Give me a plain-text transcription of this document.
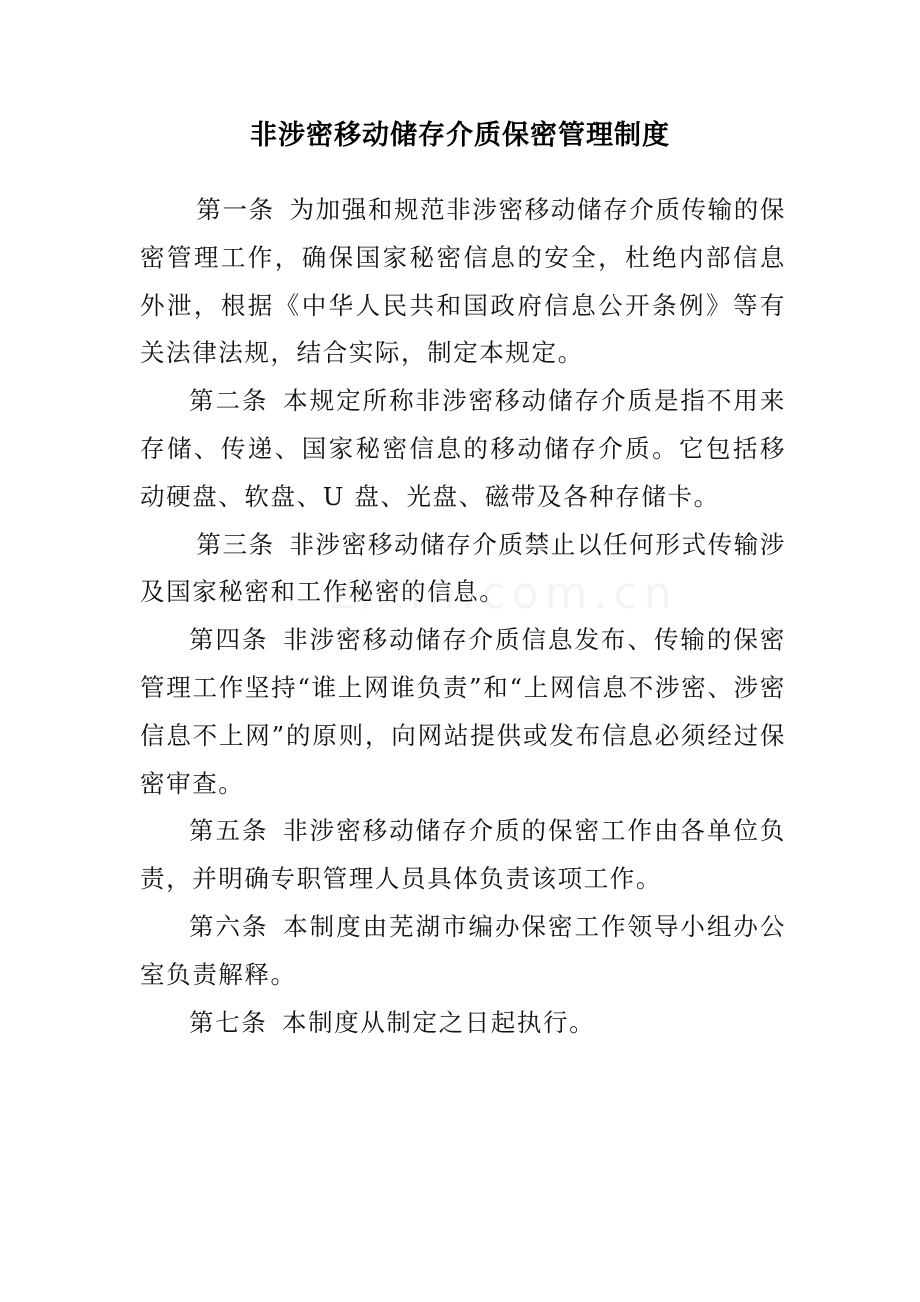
非涉密移动储存介质保密管理制度

第一条 为加强和规范非涉密移动储存介质传输的保密管理工作，确保国家秘密信息的安全，杜绝内部信息外泄，根据《中华人民共和国政府信息公开条例》等有关法律法规，结合实际，制定本规定。

第二条 本规定所称非涉密移动储存介质是指不用来存储、传递、国家秘密信息的移动储存介质。它包括移动硬盘、软盘、U 盘、光盘、磁带及各种存储卡。

第三条 非涉密移动储存介质禁止以任何形式传输涉及国家秘密和工作秘密的信息。

第四条 非涉密移动储存介质信息发布、传输的保密管理工作坚持“谁上网谁负责”和“上网信息不涉密、涉密信息不上网”的原则，向网站提供或发布信息必须经过保密审查。

第五条 非涉密移动储存介质的保密工作由各单位负责，并明确专职管理人员具体负责该项工作。

第六条 本制度由芜湖市编办保密工作领导小组办公室负责解释。

第七条 本制度从制定之日起执行。
